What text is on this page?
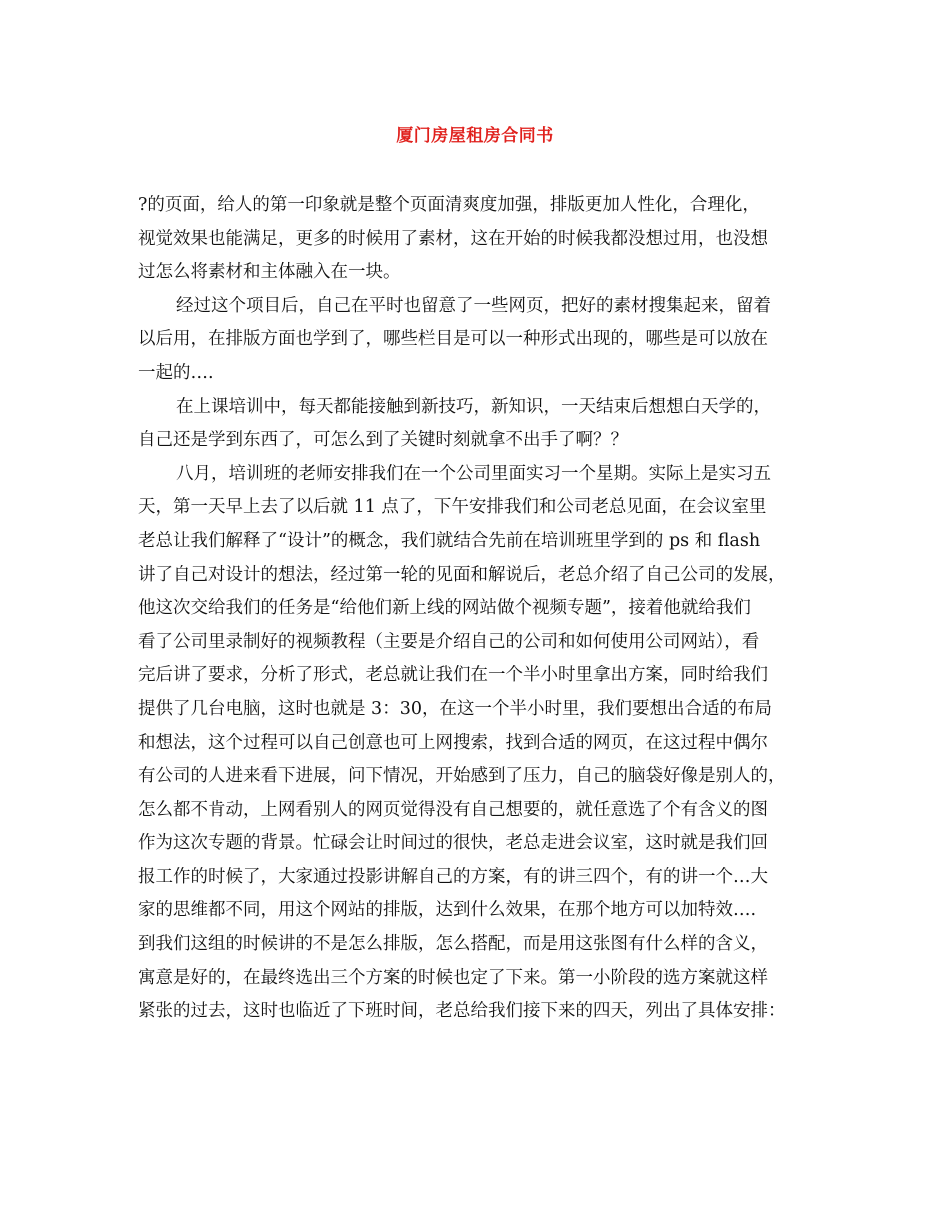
厦门房屋租房合同书
?的页面，给人的第一印象就是整个页面清爽度加强，排版更加人性化，合理化，
视觉效果也能满足，更多的时候用了素材，这在开始的时候我都没想过用，也没想
过怎么将素材和主体融入在一块。
经过这个项目后，自己在平时也留意了一些网页，把好的素材搜集起来，留着
以后用，在排版方面也学到了，哪些栏目是可以一种形式出现的，哪些是可以放在
一起的….
在上课培训中，每天都能接触到新技巧，新知识，一天结束后想想白天学的，
自己还是学到东西了，可怎么到了关键时刻就拿不出手了啊？？
八月，培训班的老师安排我们在一个公司里面实习一个星期。实际上是实习五
天，第一天早上去了以后就 11 点了，下午安排我们和公司老总见面，在会议室里
老总让我们解释了“设计”的概念，我们就结合先前在培训班里学到的 ps 和 flash
讲了自己对设计的想法，经过第一轮的见面和解说后，老总介绍了自己公司的发展，
他这次交给我们的任务是“给他们新上线的网站做个视频专题”，接着他就给我们
看了公司里录制好的视频教程（主要是介绍自己的公司和如何使用公司网站），看
完后讲了要求，分析了形式，老总就让我们在一个半小时里拿出方案，同时给我们
提供了几台电脑，这时也就是 3：30，在这一个半小时里，我们要想出合适的布局
和想法，这个过程可以自己创意也可上网搜索，找到合适的网页，在这过程中偶尔
有公司的人进来看下进展，问下情况，开始感到了压力，自己的脑袋好像是别人的，
怎么都不肯动，上网看别人的网页觉得没有自己想要的，就任意选了个有含义的图
作为这次专题的背景。忙碌会让时间过的很快，老总走进会议室，这时就是我们回
报工作的时候了，大家通过投影讲解自己的方案，有的讲三四个，有的讲一个…大
家的思维都不同，用这个网站的排版，达到什么效果，在那个地方可以加特效….
到我们这组的时候讲的不是怎么排版，怎么搭配，而是用这张图有什么样的含义，
寓意是好的，在最终选出三个方案的时候也定了下来。第一小阶段的选方案就这样
紧张的过去，这时也临近了下班时间，老总给我们接下来的四天，列出了具体安排：
